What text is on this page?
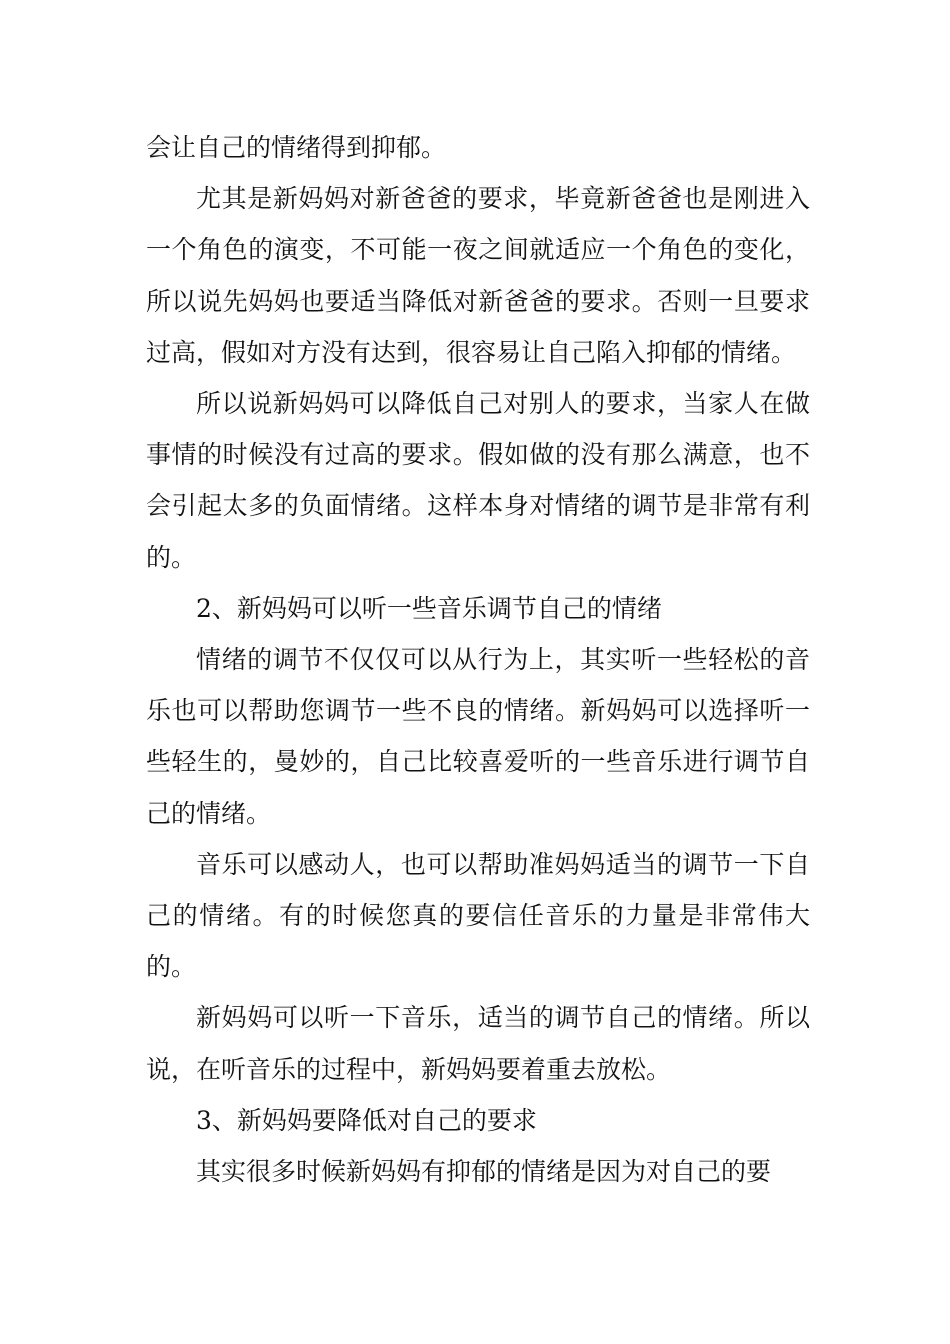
会让自己的情绪得到抑郁。

尤其是新妈妈对新爸爸的要求，毕竟新爸爸也是刚进入一个角色的演变，不可能一夜之间就适应一个角色的变化，所以说先妈妈也要适当降低对新爸爸的要求。否则一旦要求过高，假如对方没有达到，很容易让自己陷入抑郁的情绪。

所以说新妈妈可以降低自己对别人的要求，当家人在做事情的时候没有过高的要求。假如做的没有那么满意，也不会引起太多的负面情绪。这样本身对情绪的调节是非常有利的。

2、新妈妈可以听一些音乐调节自己的情绪

情绪的调节不仅仅可以从行为上，其实听一些轻松的音乐也可以帮助您调节一些不良的情绪。新妈妈可以选择听一些轻生的，曼妙的，自己比较喜爱听的一些音乐进行调节自己的情绪。

音乐可以感动人，也可以帮助准妈妈适当的调节一下自己的情绪。有的时候您真的要信任音乐的力量是非常伟大的。

新妈妈可以听一下音乐，适当的调节自己的情绪。所以说，在听音乐的过程中，新妈妈要着重去放松。

3、新妈妈要降低对自己的要求

其实很多时候新妈妈有抑郁的情绪是因为对自己的要
